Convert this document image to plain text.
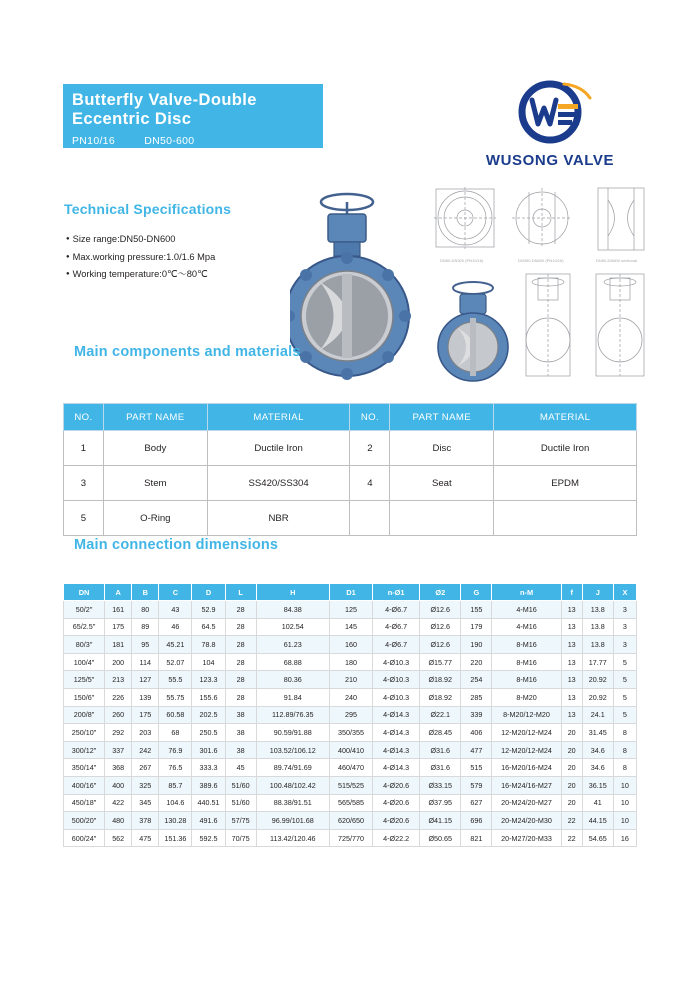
Butterfly Valve-Double
Eccentric Disc
PN10/16	DN50-600
WUSONG VALVE
Technical Specifications
● Size range:DN50-DN600
● Max.working pressure:1.0/1.6 Mpa
● Working temperature:0℃～80℃
DN50-DN300 (PN10/16)	DN350-DN600 (PN10/16)	DN50-DN600 sectional
Main components and materials
NO.	PART NAME	MATERIAL	NO.	PART NAME	MATERIAL
1	Body	Ductile Iron	2	Disc	Ductile Iron
3	Stem	SS420/SS304	4	Seat	EPDM
5	O-Ring	NBR			
Main connection dimensions
DN	A	B	C	D	L	H	D1	n-Ø1	Ø2	G	n-M	f	J	X
50/2''	161	80	43	52.9	28	84.38	125	4-Ø6.7	Ø12.6	155	4-M16	13	13.8	3
65/2.5''	175	89	46	64.5	28	102.54	145	4-Ø6.7	Ø12.6	179	4-M16	13	13.8	3
80/3''	181	95	45.21	78.8	28	61.23	160	4-Ø6.7	Ø12.6	190	8-M16	13	13.8	3
100/4''	200	114	52.07	104	28	68.88	180	4-Ø10.3	Ø15.77	220	8-M16	13	17.77	5
125/5''	213	127	55.5	123.3	28	80.36	210	4-Ø10.3	Ø18.92	254	8-M16	13	20.92	5
150/6''	226	139	55.75	155.6	28	91.84	240	4-Ø10.3	Ø18.92	285	8-M20	13	20.92	5
200/8''	260	175	60.58	202.5	38	112.89/76.35	295	4-Ø14.3	Ø22.1	339	8-M20/12-M20	13	24.1	5
250/10''	292	203	68	250.5	38	90.59/91.88	350/355	4-Ø14.3	Ø28.45	406	12-M20/12-M24	20	31.45	8
300/12''	337	242	76.9	301.6	38	103.52/106.12	400/410	4-Ø14.3	Ø31.6	477	12-M20/12-M24	20	34.6	8
350/14''	368	267	76.5	333.3	45	89.74/91.69	460/470	4-Ø14.3	Ø31.6	515	16-M20/16-M24	20	34.6	8
400/16''	400	325	85.7	389.6	51/60	100.48/102.42	515/525	4-Ø20.6	Ø33.15	579	16-M24/16-M27	20	36.15	10
450/18''	422	345	104.6	440.51	51/60	88.38/91.51	565/585	4-Ø20.6	Ø37.95	627	20-M24/20-M27	20	41	10
500/20''	480	378	130.28	491.6	57/75	96.99/101.68	620/650	4-Ø20.6	Ø41.15	696	20-M24/20-M30	22	44.15	10
600/24''	562	475	151.36	592.5	70/75	113.42/120.46	725/770	4-Ø22.2	Ø50.65	821	20-M27/20-M33	22	54.65	16
